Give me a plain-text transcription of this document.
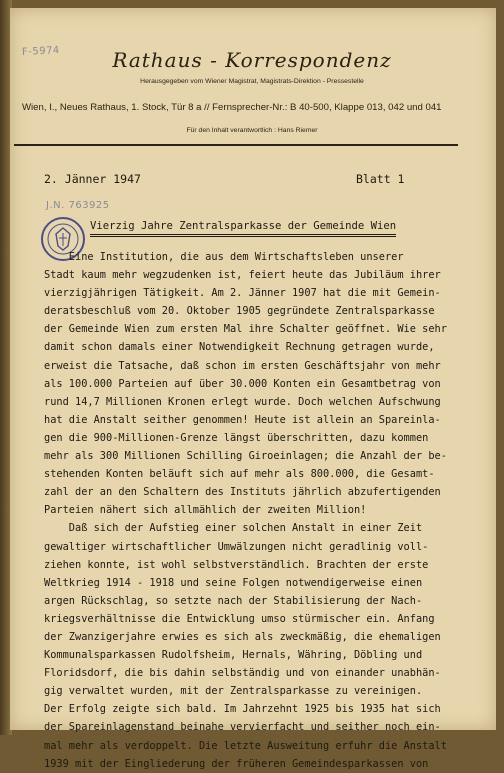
F-5974	Rathaus - Korrespondenz
Herausgegeben vom Wiener Magistrat, Magistrats-Direktion - Pressestelle
Wien, I., Neues Rathaus, 1. Stock, Tür 8 a // Fernsprecher-Nr.: B 40-500, Klappe 013, 042 und 041
Für den Inhalt verantwortlich : Hans Riemer
2. Jänner 1947	Blatt 1
J.N. 763925
Vierzig Jahre Zentralsparkasse der Gemeinde Wien
Eine Institution, die aus dem Wirtschaftsleben unserer
Stadt kaum mehr wegzudenken ist, feiert heute das Jubiläum ihrer
vierzigjährigen Tätigkeit. Am 2. Jänner 1907 hat die mit Gemein-
deratsbeschluß vom 20. Oktober 1905 gegründete Zentralsparkasse
der Gemeinde Wien zum ersten Mal ihre Schalter geöffnet. Wie sehr
damit schon damals einer Notwendigkeit Rechnung getragen wurde,
erweist die Tatsache, daß schon im ersten Geschäftsjahr von mehr
als 100.000 Parteien auf über 30.000 Konten ein Gesamtbetrag von
rund 14,7 Millionen Kronen erlegt wurde. Doch welchen Aufschwung
hat die Anstalt seither genommen! Heute ist allein an Spareinla-
gen die 900-Millionen-Grenze längst überschritten, dazu kommen
mehr als 300 Millionen Schilling Giroeinlagen; die Anzahl der be-
stehenden Konten beläuft sich auf mehr als 800.000, die Gesamt-
zahl der an den Schaltern des Instituts jährlich abzufertigenden
Parteien nähert sich allmählich der zweiten Million!
Daß sich der Aufstieg einer solchen Anstalt in einer Zeit
gewaltiger wirtschaftlicher Umwälzungen nicht geradlinig voll-
ziehen konnte, ist wohl selbstverständlich. Brachten der erste
Weltkrieg 1914 - 1918 und seine Folgen notwendigerweise einen
argen Rückschlag, so setzte nach der Stabilisierung der Nach-
kriegsverhältnisse die Entwicklung umso stürmischer ein. Anfang
der Zwanzigerjahre erwies es sich als zweckmäßig, die ehemaligen
Kommunalsparkassen Rudolfsheim, Hernals, Währing, Döbling und
Floridsdorf, die bis dahin selbständig und von einander unabhän-
gig verwaltet wurden, mit der Zentralsparkasse zu vereinigen.
Der Erfolg zeigte sich bald. Im Jahrzehnt 1925 bis 1935 hat sich
der Spareinlagenstand beinahe vervierfacht und seither noch ein-
mal mehr als verdoppelt. Die letzte Ausweitung erfuhr die Anstalt
1939 mit der Eingliederung der früheren Gemeindesparkassen von
